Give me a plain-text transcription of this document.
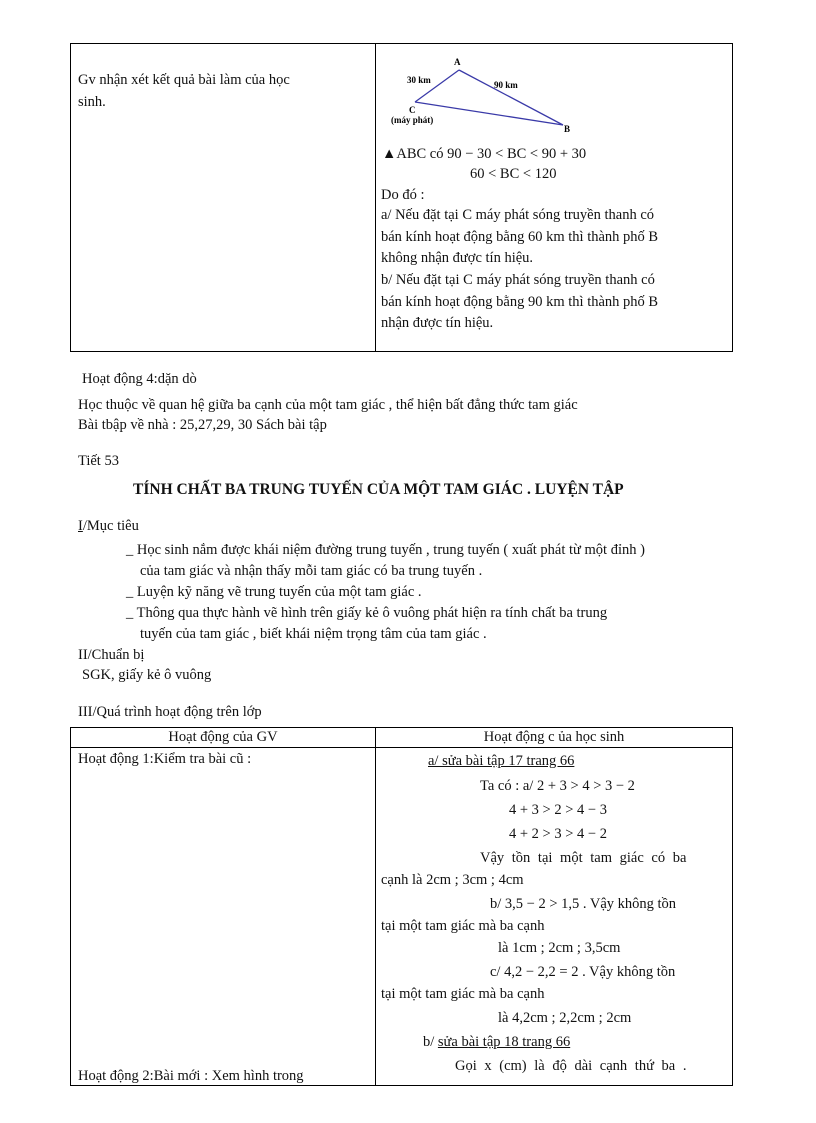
Gv nhận xét kết quả bài làm của học
sinh.
A
B
C
30 km	90 km
(máy phát)
▲ABC có 90 − 30 < BC < 90 + 30
60 < BC < 120
Do đó :
a/ Nếu đặt tại C máy phát sóng truyền thanh có
bán kính hoạt động bằng 60 km thì thành phố B
không nhận được tín hiệu.
b/ Nếu đặt tại C máy phát sóng truyền thanh có
bán kính hoạt động bằng 90 km thì thành phố B
nhận được tín hiệu.
Hoạt động 4:dặn dò
Học thuộc về quan hệ giữa ba cạnh của một tam giác , thể hiện bất đẳng thức tam giác
Bài tbập về nhà : 25,27,29, 30 Sách bài tập
Tiết 53
TÍNH CHẤT BA TRUNG TUYẾN CỦA MỘT TAM GIÁC . LUYỆN TẬP
I/Mục tiêu
_ Học sinh nắm được khái niệm đường trung tuyến , trung tuyến ( xuất phát từ một đỉnh )
của tam giác và nhận thấy mỗi tam giác có ba trung tuyến .
_ Luyện kỹ năng vẽ trung tuyến của một tam giác .
_ Thông qua thực hành vẽ hình trên giấy kẻ ô vuông phát hiện ra tính chất ba trung
tuyến của tam giác , biết khái niệm trọng tâm của tam giác .
II/Chuẩn bị
SGK, giấy kẻ ô vuông
III/Quá trình hoạt động trên lớp
Hoạt động của GV	Hoạt động c ủa học sinh
Hoạt động 1:Kiểm tra bài cũ :
Hoạt động 2:Bài mới : Xem hình trong
a/ sửa bài tập 17 trang 66
Ta có : a/ 2 + 3 > 4 > 3 − 2
4 + 3 > 2 > 4 − 3
4 + 2 > 3 > 4 − 2
Vậy tồn tại một tam giác có ba
cạnh là 2cm ; 3cm ; 4cm
b/ 3,5 − 2 > 1,5 . Vậy không tồn
tại một tam giác mà ba cạnh
là 1cm ; 2cm ; 3,5cm
c/ 4,2 − 2,2 = 2 . Vậy không tồn
tại một tam giác mà ba cạnh
là 4,2cm ; 2,2cm ; 2cm
b/ sửa bài tập 18 trang 66
Gọi x (cm) là độ dài cạnh thứ ba .
